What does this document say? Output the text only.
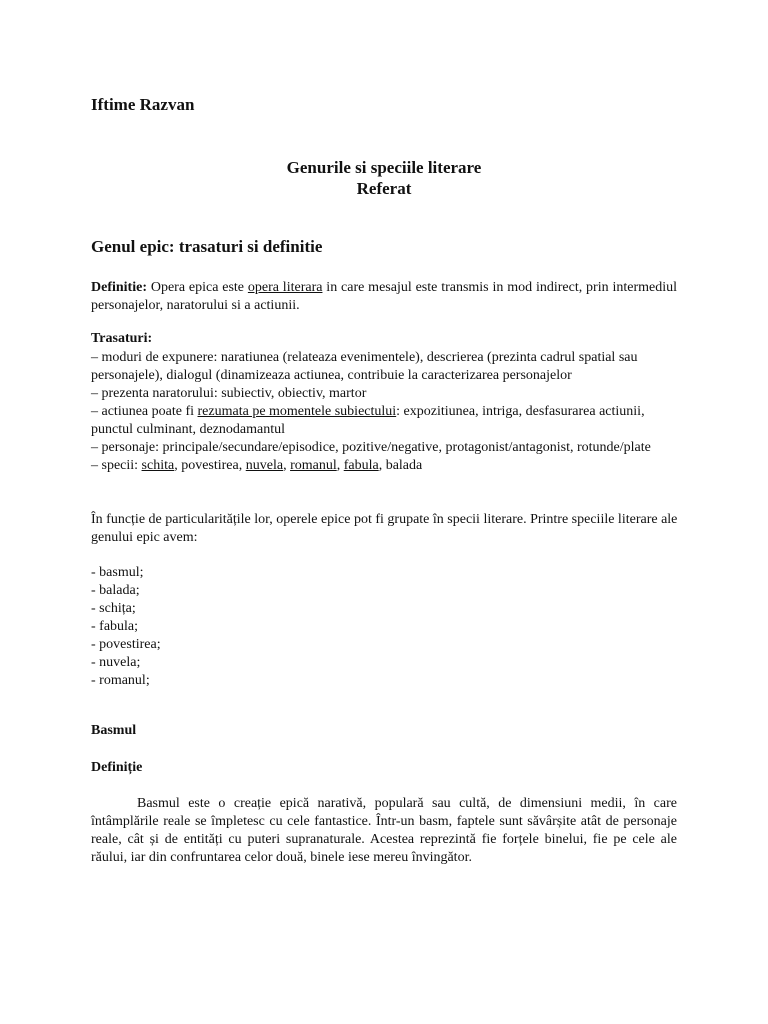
Iftime Razvan
Genurile si speciile literare
Referat
Genul epic: trasaturi si definitie
Definitie: Opera epica este opera literara in care mesajul este transmis in mod indirect, prin intermediul personajelor, naratorului si a actiunii.
Trasaturi:
– moduri de expunere: naratiunea (relateaza evenimentele), descrierea (prezinta cadrul spatial sau personajele), dialogul (dinamizeaza actiunea, contribuie la caracterizarea personajelor
– prezenta naratorului: subiectiv, obiectiv, martor
– actiunea poate fi rezumata pe momentele subiectului: expozitiunea, intriga, desfasurarea actiunii, punctul culminant, deznodamantul
– personaje: principale/secundare/episodice, pozitive/negative, protagonist/antagonist, rotunde/plate
– specii: schita, povestirea, nuvela, romanul, fabula, balada
În funcție de particularitățile lor, operele epice pot fi grupate în specii literare. Printre speciile literare ale genului epic avem:
- basmul;
- balada;
- schița;
- fabula;
- povestirea;
- nuvela;
- romanul;
Basmul
Definiție
Basmul este o creație epică narativă, populară sau cultă, de dimensiuni medii, în care întâmplările reale se împletesc cu cele fantastice. Într-un basm, faptele sunt săvârșite atât de personaje reale, cât și de entități cu puteri supranaturale. Acestea reprezintă fie forțele binelui, fie pe cele ale răului, iar din confruntarea celor două, binele iese mereu învingător.
